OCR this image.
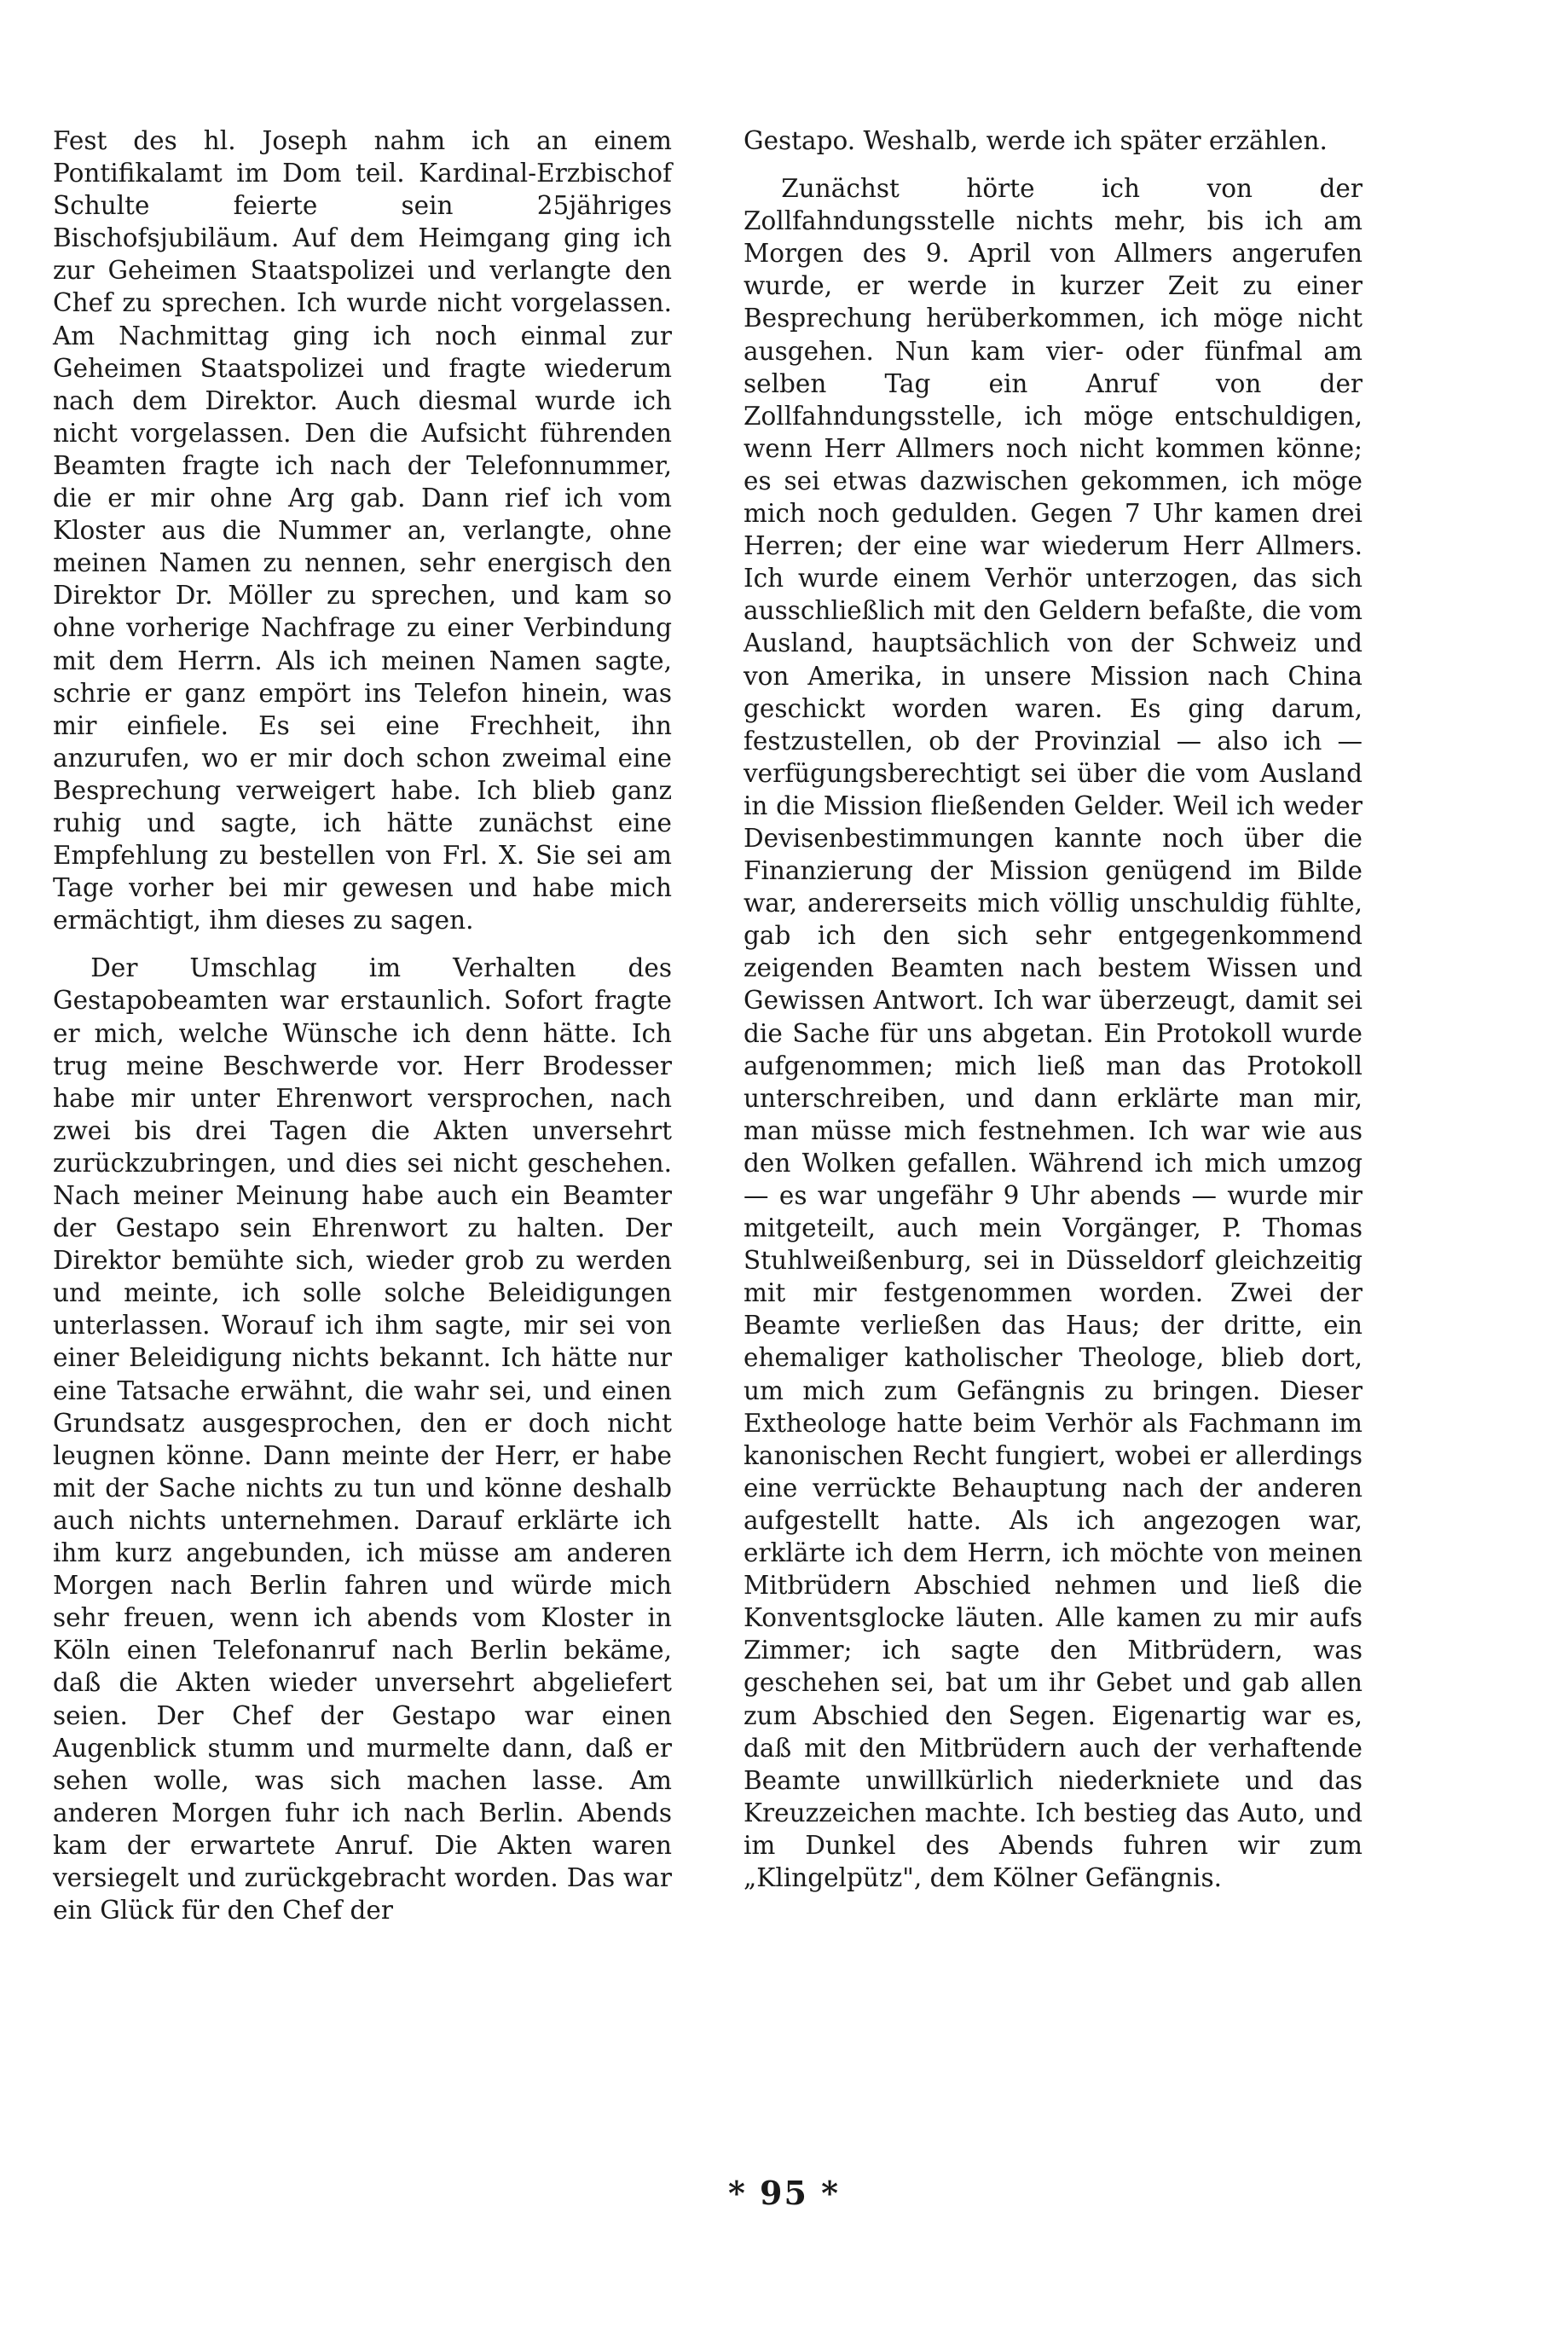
Fest des hl. Joseph nahm ich an einem Pontifikalamt im Dom teil. Kardinal-Erzbischof Schulte feierte sein 25jähriges Bischofsjubiläum. Auf dem Heimgang ging ich zur Geheimen Staatspolizei und verlangte den Chef zu sprechen. Ich wurde nicht vorgelassen. Am Nachmittag ging ich noch einmal zur Geheimen Staatspolizei und fragte wiederum nach dem Direktor. Auch diesmal wurde ich nicht vorgelassen. Den die Aufsicht führenden Beamten fragte ich nach der Telefonnummer, die er mir ohne Arg gab. Dann rief ich vom Kloster aus die Nummer an, verlangte, ohne meinen Namen zu nennen, sehr energisch den Direktor Dr. Möller zu sprechen, und kam so ohne vorherige Nachfrage zu einer Verbindung mit dem Herrn. Als ich meinen Namen sagte, schrie er ganz empört ins Telefon hinein, was mir einfiele. Es sei eine Frechheit, ihn anzurufen, wo er mir doch schon zweimal eine Besprechung verweigert habe. Ich blieb ganz ruhig und sagte, ich hätte zunächst eine Empfehlung zu bestellen von Frl. X. Sie sei am Tage vorher bei mir gewesen und habe mich ermächtigt, ihm dieses zu sagen.

Der Umschlag im Verhalten des Gestapobeamten war erstaunlich. Sofort fragte er mich, welche Wünsche ich denn hätte. Ich trug meine Beschwerde vor. Herr Brodesser habe mir unter Ehrenwort versprochen, nach zwei bis drei Tagen die Akten unversehrt zurückzubringen, und dies sei nicht geschehen. Nach meiner Meinung habe auch ein Beamter der Gestapo sein Ehrenwort zu halten. Der Direktor bemühte sich, wieder grob zu werden und meinte, ich solle solche Beleidigungen unterlassen. Worauf ich ihm sagte, mir sei von einer Beleidigung nichts bekannt. Ich hätte nur eine Tatsache erwähnt, die wahr sei, und einen Grundsatz ausgesprochen, den er doch nicht leugnen könne. Dann meinte der Herr, er habe mit der Sache nichts zu tun und könne deshalb auch nichts unternehmen. Darauf erklärte ich ihm kurz angebunden, ich müsse am anderen Morgen nach Berlin fahren und würde mich sehr freuen, wenn ich abends vom Kloster in Köln einen Telefonanruf nach Berlin bekäme, daß die Akten wieder unversehrt abgeliefert seien. Der Chef der Gestapo war einen Augenblick stumm und murmelte dann, daß er sehen wolle, was sich machen lasse. Am anderen Morgen fuhr ich nach Berlin. Abends kam der erwartete Anruf. Die Akten waren versiegelt und zurückgebracht worden. Das war ein Glück für den Chef der

Gestapo. Weshalb, werde ich später erzählen.

Zunächst hörte ich von der Zollfahndungsstelle nichts mehr, bis ich am Morgen des 9. April von Allmers angerufen wurde, er werde in kurzer Zeit zu einer Besprechung herüberkommen, ich möge nicht ausgehen. Nun kam vier- oder fünfmal am selben Tag ein Anruf von der Zollfahndungsstelle, ich möge entschuldigen, wenn Herr Allmers noch nicht kommen könne; es sei etwas dazwischen gekommen, ich möge mich noch gedulden. Gegen 7 Uhr kamen drei Herren; der eine war wiederum Herr Allmers. Ich wurde einem Verhör unterzogen, das sich ausschließlich mit den Geldern befaßte, die vom Ausland, hauptsächlich von der Schweiz und von Amerika, in unsere Mission nach China geschickt worden waren. Es ging darum, festzustellen, ob der Provinzial — also ich — verfügungsberechtigt sei über die vom Ausland in die Mission fließenden Gelder. Weil ich weder Devisenbestimmungen kannte noch über die Finanzierung der Mission genügend im Bilde war, andererseits mich völlig unschuldig fühlte, gab ich den sich sehr entgegenkommend zeigenden Beamten nach bestem Wissen und Gewissen Antwort. Ich war überzeugt, damit sei die Sache für uns abgetan. Ein Protokoll wurde aufgenommen; mich ließ man das Protokoll unterschreiben, und dann erklärte man mir, man müsse mich festnehmen. Ich war wie aus den Wolken gefallen. Während ich mich umzog — es war ungefähr 9 Uhr abends — wurde mir mitgeteilt, auch mein Vorgänger, P. Thomas Stuhlweißenburg, sei in Düsseldorf gleichzeitig mit mir festgenommen worden. Zwei der Beamte verließen das Haus; der dritte, ein ehemaliger katholischer Theologe, blieb dort, um mich zum Gefängnis zu bringen. Dieser Extheologe hatte beim Verhör als Fachmann im kanonischen Recht fungiert, wobei er allerdings eine verrückte Behauptung nach der anderen aufgestellt hatte. Als ich angezogen war, erklärte ich dem Herrn, ich möchte von meinen Mitbrüdern Abschied nehmen und ließ die Konventsglocke läuten. Alle kamen zu mir aufs Zimmer; ich sagte den Mitbrüdern, was geschehen sei, bat um ihr Gebet und gab allen zum Abschied den Segen. Eigenartig war es, daß mit den Mitbrüdern auch der verhaftende Beamte unwillkürlich niederkniete und das Kreuzzeichen machte. Ich bestieg das Auto, und im Dunkel des Abends fuhren wir zum „Klingelpütz", dem Kölner Gefängnis.

* 95 *
